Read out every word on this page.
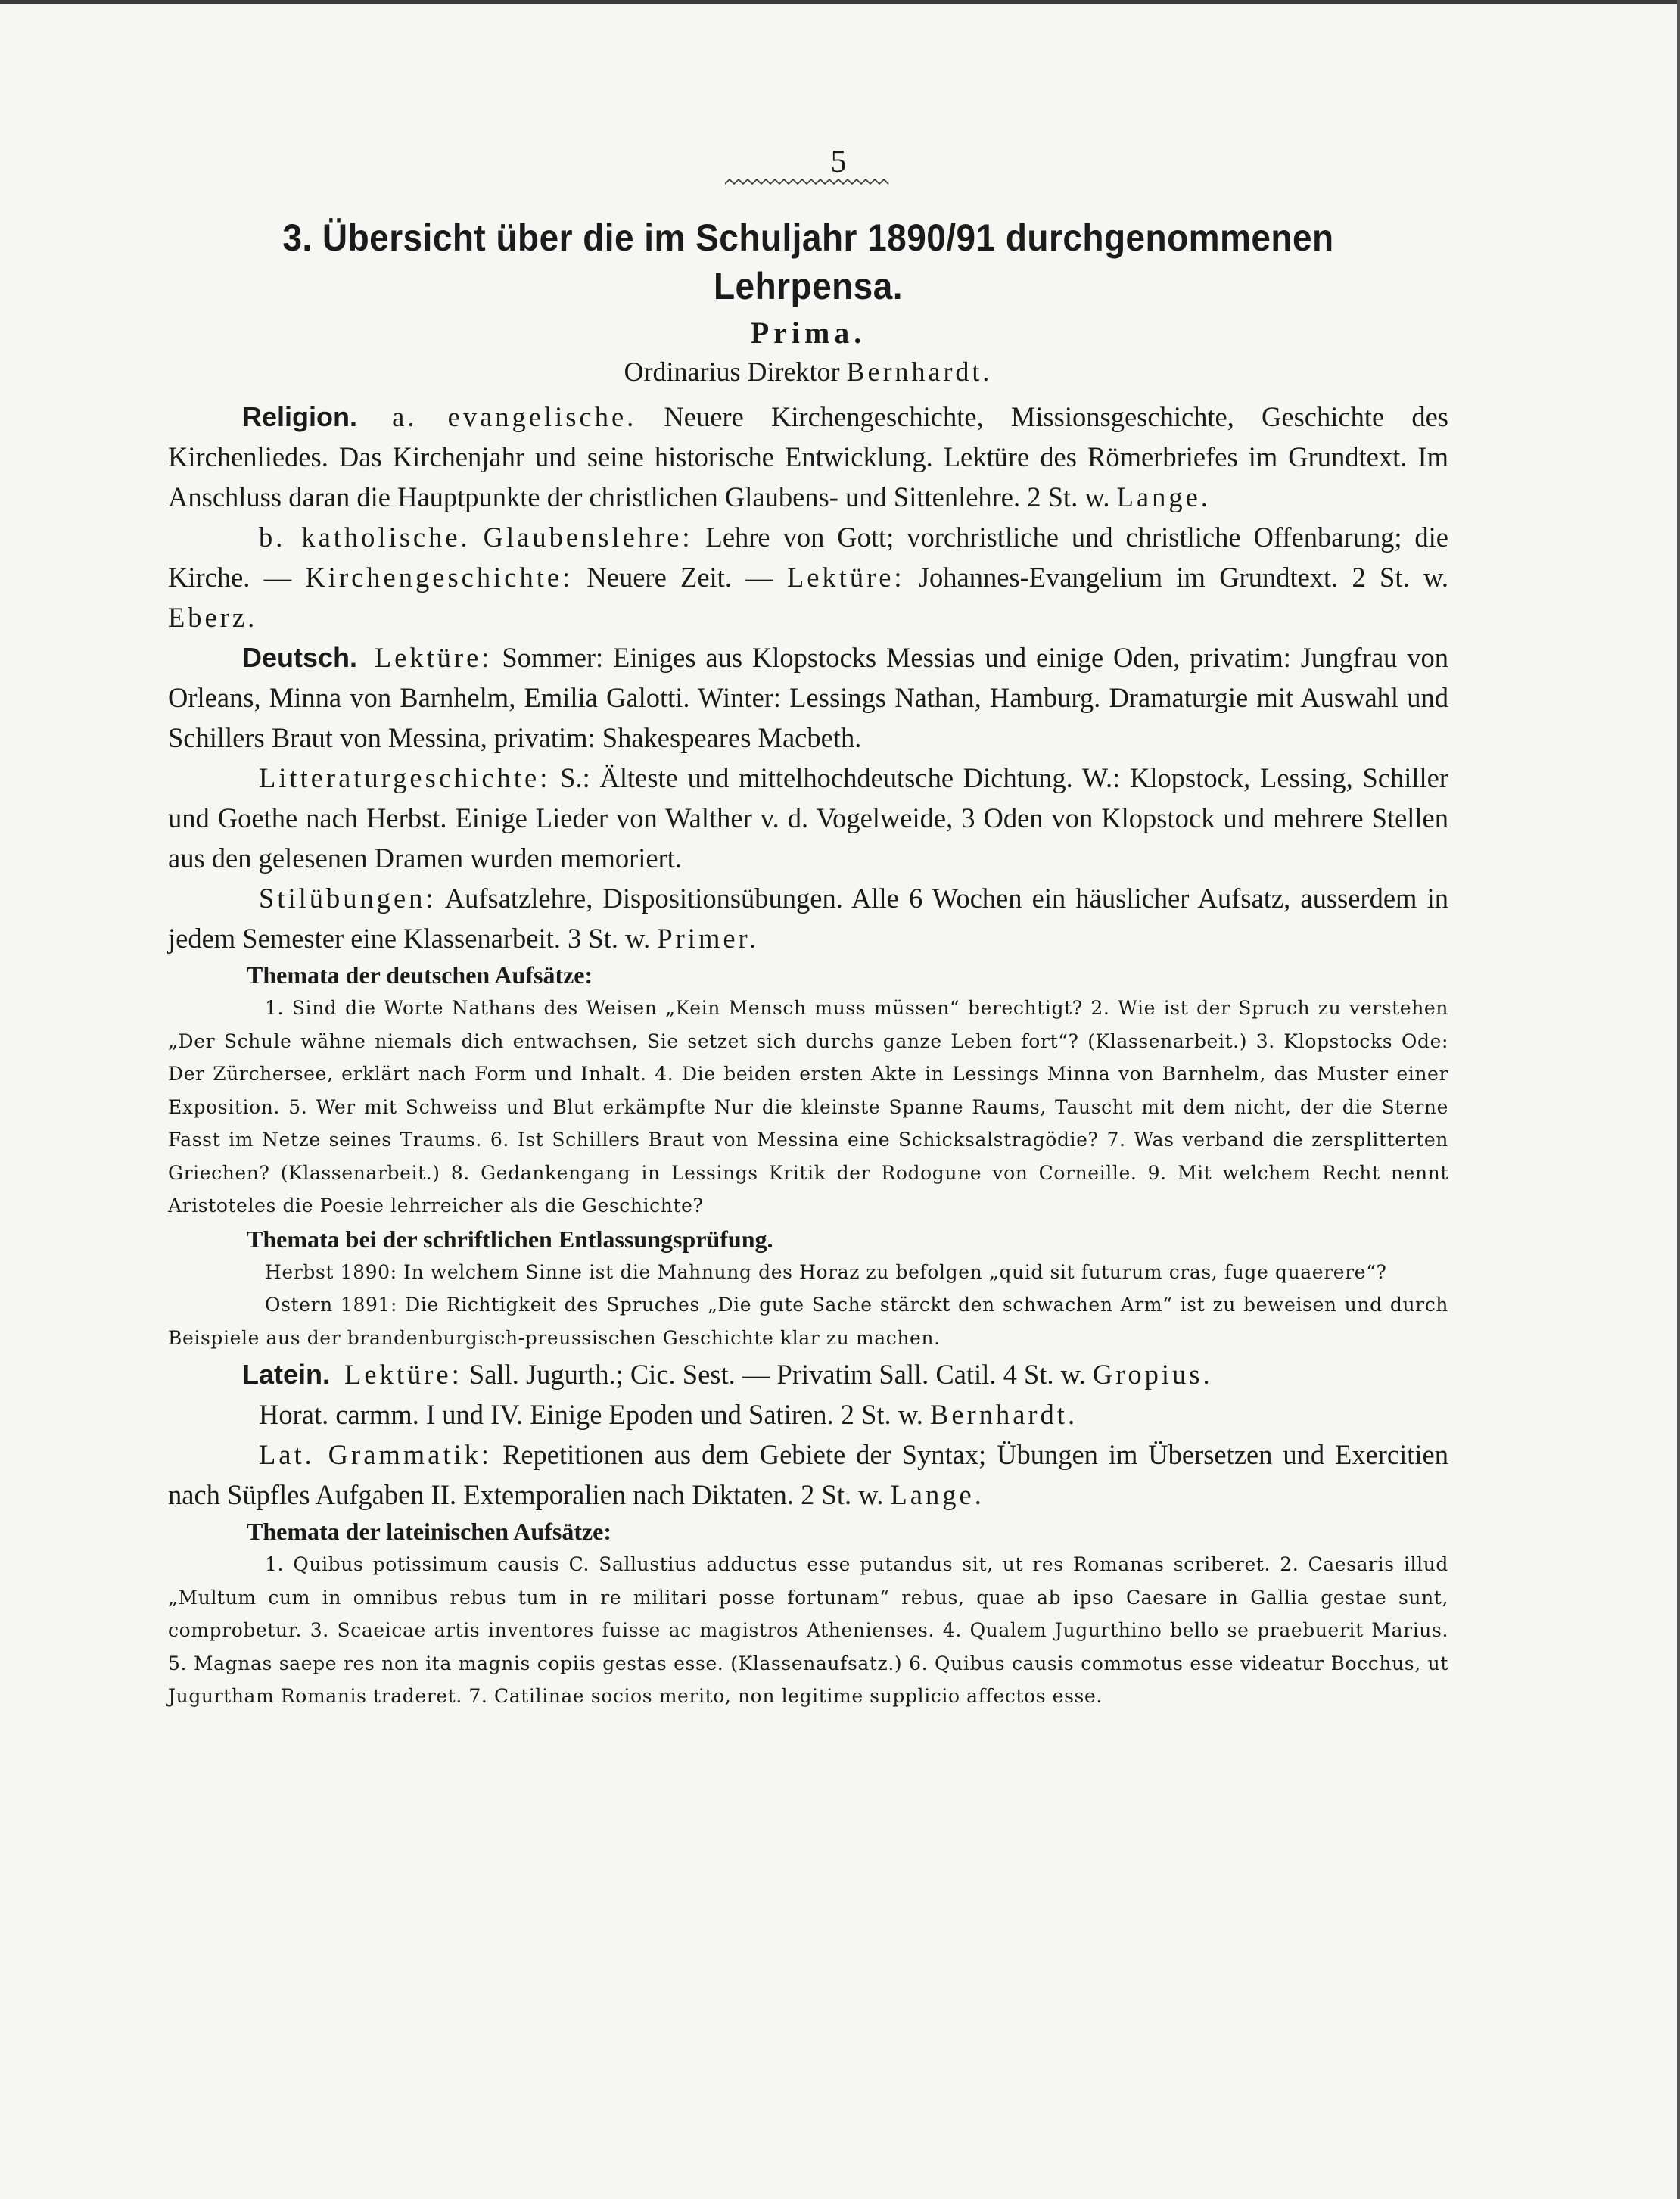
5
3. Übersicht über die im Schuljahr 1890/91 durchgenommenen Lehrpensa.
Prima.
Ordinarius Direktor Bernhardt.

Religion. a. evangelische. Neuere Kirchengeschichte, Missionsgeschichte, Geschichte des Kirchenliedes. Das Kirchenjahr und seine historische Entwicklung. Lektüre des Römerbriefes im Grundtext. Im Anschluss daran die Hauptpunkte der christlichen Glaubens- und Sittenlehre. 2 St. w. Lange.

b. katholische. Glaubenslehre: Lehre von Gott; vorchristliche und christliche Offenbarung; die Kirche. — Kirchengeschichte: Neuere Zeit. — Lektüre: Johannes-Evangelium im Grundtext. 2 St. w. Eberz.

Deutsch. Lektüre: Sommer: Einiges aus Klopstocks Messias und einige Oden, privatim: Jungfrau von Orleans, Minna von Barnhelm, Emilia Galotti. Winter: Lessings Nathan, Hamburg. Dramaturgie mit Auswahl und Schillers Braut von Messina, privatim: Shakespeares Macbeth.

Litteraturgeschichte: S.: Älteste und mittelhochdeutsche Dichtung. W.: Klopstock, Lessing, Schiller und Goethe nach Herbst. Einige Lieder von Walther v. d. Vogelweide, 3 Oden von Klopstock und mehrere Stellen aus den gelesenen Dramen wurden memoriert.

Stilübungen: Aufsatzlehre, Dispositionsübungen. Alle 6 Wochen ein häuslicher Aufsatz, ausserdem in jedem Semester eine Klassenarbeit. 3 St. w. Primer.

Themata der deutschen Aufsätze:

1. Sind die Worte Nathans des Weisen „Kein Mensch muss müssen“ berechtigt? 2. Wie ist der Spruch zu verstehen „Der Schule wähne niemals dich entwachsen, Sie setzet sich durchs ganze Leben fort“? (Klassenarbeit.) 3. Klopstocks Ode: Der Zürchersee, erklärt nach Form und Inhalt. 4. Die beiden ersten Akte in Lessings Minna von Barnhelm, das Muster einer Exposition. 5. Wer mit Schweiss und Blut erkämpfte Nur die kleinste Spanne Raums, Tauscht mit dem nicht, der die Sterne Fasst im Netze seines Traums. 6. Ist Schillers Braut von Messina eine Schicksalstragödie? 7. Was verband die zersplitterten Griechen? (Klassenarbeit.) 8. Gedankengang in Lessings Kritik der Rodogune von Corneille. 9. Mit welchem Recht nennt Aristoteles die Poesie lehrreicher als die Geschichte?

Themata bei der schriftlichen Entlassungsprüfung.

Herbst 1890: In welchem Sinne ist die Mahnung des Horaz zu befolgen „quid sit futurum cras, fuge quaerere“?

Ostern 1891: Die Richtigkeit des Spruches „Die gute Sache stärckt den schwachen Arm“ ist zu beweisen und durch Beispiele aus der brandenburgisch-preussischen Geschichte klar zu machen.

Latein. Lektüre: Sall. Jugurth.; Cic. Sest. — Privatim Sall. Catil. 4 St. w. Gropius.

Horat. carmm. I und IV. Einige Epoden und Satiren. 2 St. w. Bernhardt.

Lat. Grammatik: Repetitionen aus dem Gebiete der Syntax; Übungen im Übersetzen und Exercitien nach Süpfles Aufgaben II. Extemporalien nach Diktaten. 2 St. w. Lange.

Themata der lateinischen Aufsätze:

1. Quibus potissimum causis C. Sallustius adductus esse putandus sit, ut res Romanas scriberet. 2. Caesaris illud „Multum cum in omnibus rebus tum in re militari posse fortunam“ rebus, quae ab ipso Caesare in Gallia gestae sunt, comprobetur. 3. Scaeicae artis inventores fuisse ac magistros Athenienses. 4. Qualem Jugurthino bello se praebuerit Marius. 5. Magnas saepe res non ita magnis copiis gestas esse. (Klassenaufsatz.) 6. Quibus causis commotus esse videatur Bocchus, ut Jugurtham Romanis traderet. 7. Catilinae socios merito, non legitime supplicio affectos esse.
